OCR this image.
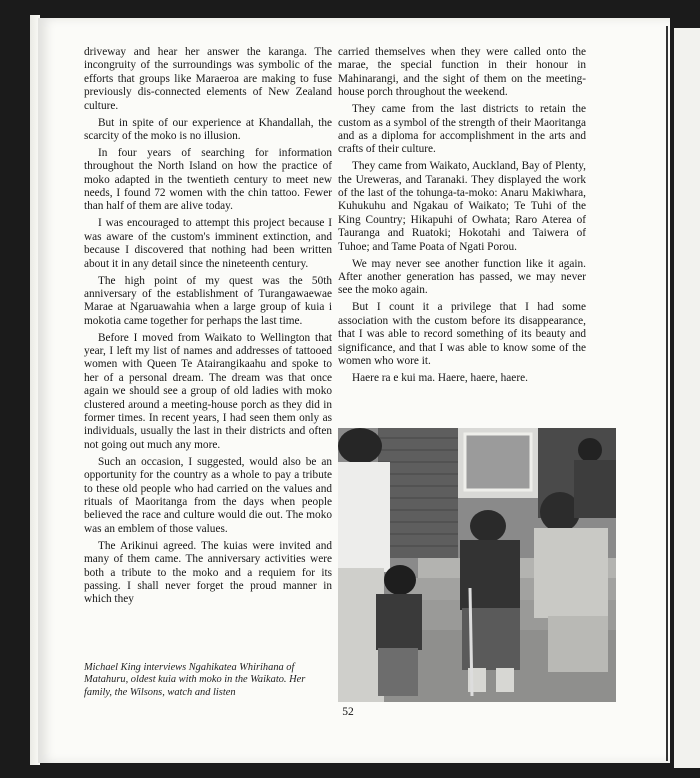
driveway and hear her answer the karanga. The incongruity of the surroundings was symbolic of the efforts that groups like Maraeroa are making to fuse previously dis-connected elements of New Zealand culture.

But in spite of our experience at Khandallah, the scarcity of the moko is no illusion.

In four years of searching for information throughout the North Island on how the practice of moko adapted in the twentieth century to meet new needs, I found 72 women with the chin tattoo. Fewer than half of them are alive today.

I was encouraged to attempt this project because I was aware of the custom's imminent extinction, and because I discovered that nothing had been written about it in any detail since the nineteenth century.

The high point of my quest was the 50th anniversary of the establishment of Turangawaewae Marae at Ngaruawahia when a large group of kuia i mokotia came together for perhaps the last time.

Before I moved from Waikato to Wellington that year, I left my list of names and addresses of tattooed women with Queen Te Atairangikaahu and spoke to her of a personal dream. The dream was that once again we should see a group of old ladies with moko clustered around a meeting-house porch as they did in former times. In recent years, I had seen them only as individuals, usually the last in their districts and often not going out much any more.

Such an occasion, I suggested, would also be an opportunity for the country as a whole to pay a tribute to these old people who had carried on the values and rituals of Maoritanga from the days when people believed the race and culture would die out. The moko was an emblem of those values.

The Arikinui agreed. The kuias were invited and many of them came. The anniversary activities were both a tribute to the moko and a requiem for its passing. I shall never forget the proud manner in which they

carried themselves when they were called onto the marae, the special function in their honour in Mahinarangi, and the sight of them on the meeting-house porch throughout the weekend.

They came from the last districts to retain the custom as a symbol of the strength of their Maoritanga and as a diploma for accomplishment in the arts and crafts of their culture.

They came from Waikato, Auckland, Bay of Plenty, the Ureweras, and Taranaki. They displayed the work of the last of the tohunga-ta-moko: Anaru Makiwhara, Kuhukuhu and Ngakau of Waikato; Te Tuhi of the King Country; Hikapuhi of Owhata; Raro Aterea of Tauranga and Ruatoki; Hokotahi and Taiwera of Tuhoe; and Tame Poata of Ngati Porou.

We may never see another function like it again. After another generation has passed, we may never see the moko again.

But I count it a privilege that I had some association with the custom before its disappearance, that I was able to record something of its beauty and significance, and that I was able to know some of the women who wore it.

Haere ra e kui ma. Haere, haere, haere.

Michael King interviews Ngahikatea Whirihana of Matahuru, oldest kuia with moko in the Waikato. Her family, the Wilsons, watch and listen
52
